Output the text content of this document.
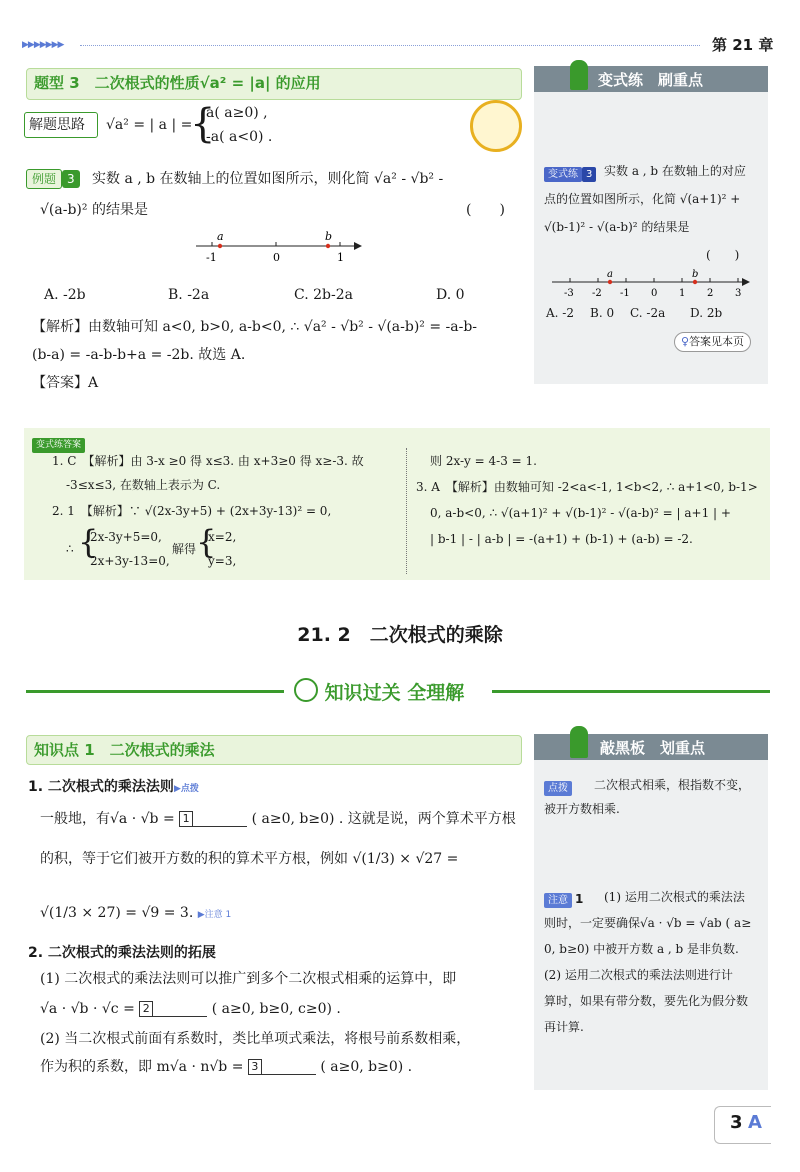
▶▶▶▶▶▶▶	第 21 章
题型 3　二次根式的性质√a² = |a| 的应用
解题思路 √a² = | a | =
{
a( a≥0) ,
-a( a<0) .
例题 3	实数 a , b 在数轴上的位置如图所示，则化简 √a² - √b² -
√(a-b)² 的结果是	(　　)
a	b
-1	0	1
A. -2b	B. -2a	C. 2b-2a	D. 0
【解析】由数轴可知 a<0, b>0, a-b<0, ∴ √a² - √b² - √(a-b)² = -a-b-
(b-a) = -a-b-b+a = -2b. 故选 A.
【答案】A
变式练　刷重点
变式练 3 实数 a , b 在数轴上的对应
点的位置如图所示，化简 √(a+1)² +
√(b-1)² - √(a-b)² 的结果是
(　　)
a	b
-3 -2 -1 0 1 2 3
A. -2 B. 0 C. -2a D. 2b
♀答案见本页
变式练答案
1. C　【解析】由 3-x ≥0 得 x≤3. 由 x+3≥0 得 x≥-3. 故
-3≤x≤3, 在数轴上表示为 C.
2. 1　【解析】∵ √(2x-3y+5) + (2x+3y-13)² = 0,
∴ {
2x-3y+5=0,
2x+3y-13=0,
解得 {
x=2,
y=3,
则 2x-y = 4-3 = 1.
3. A　【解析】由数轴可知 -2<a<-1, 1<b<2, ∴ a+1<0, b-1>
0, a-b<0, ∴ √(a+1)² + √(b-1)² - √(a-b)² = | a+1 | +
| b-1 | - | a-b | = -(a+1) + (b-1) + (a-b) = -2.
21. 2　二次根式的乘除
知识过关 全理解
知识点 1　二次根式的乘法
1. 二次根式的乘法法则▶点拨
一般地，有√a · √b = 1	( a≥0, b≥0) . 这就是说，两个算术平方根
的积，等于它们被开方数的积的算术平方根，例如 √(1/3) × √27 =
√(1/3 × 27) = √9 = 3. ▶注意 1
2. 二次根式的乘法法则的拓展
(1) 二次根式的乘法法则可以推广到多个二次根式相乘的运算中，即
√a · √b · √c = 2	( a≥0, b≥0, c≥0) .
(2) 当二次根式前面有系数时，类比单项式乘法，将根号前系数相乘，
作为积的系数，即 m√a · n√b = 3	( a≥0, b≥0) .
敲黑板　划重点
点拨	二次根式相乘，根指数不变，
被开方数相乘.
注意 1 (1) 运用二次根式的乘法法
则时，一定要确保√a · √b = √ab ( a≥
0, b≥0) 中被开方数 a , b 是非负数.
(2) 运用二次根式的乘法法则进行计
算时，如果有带分数，要先化为假分数
再计算.
3 A
